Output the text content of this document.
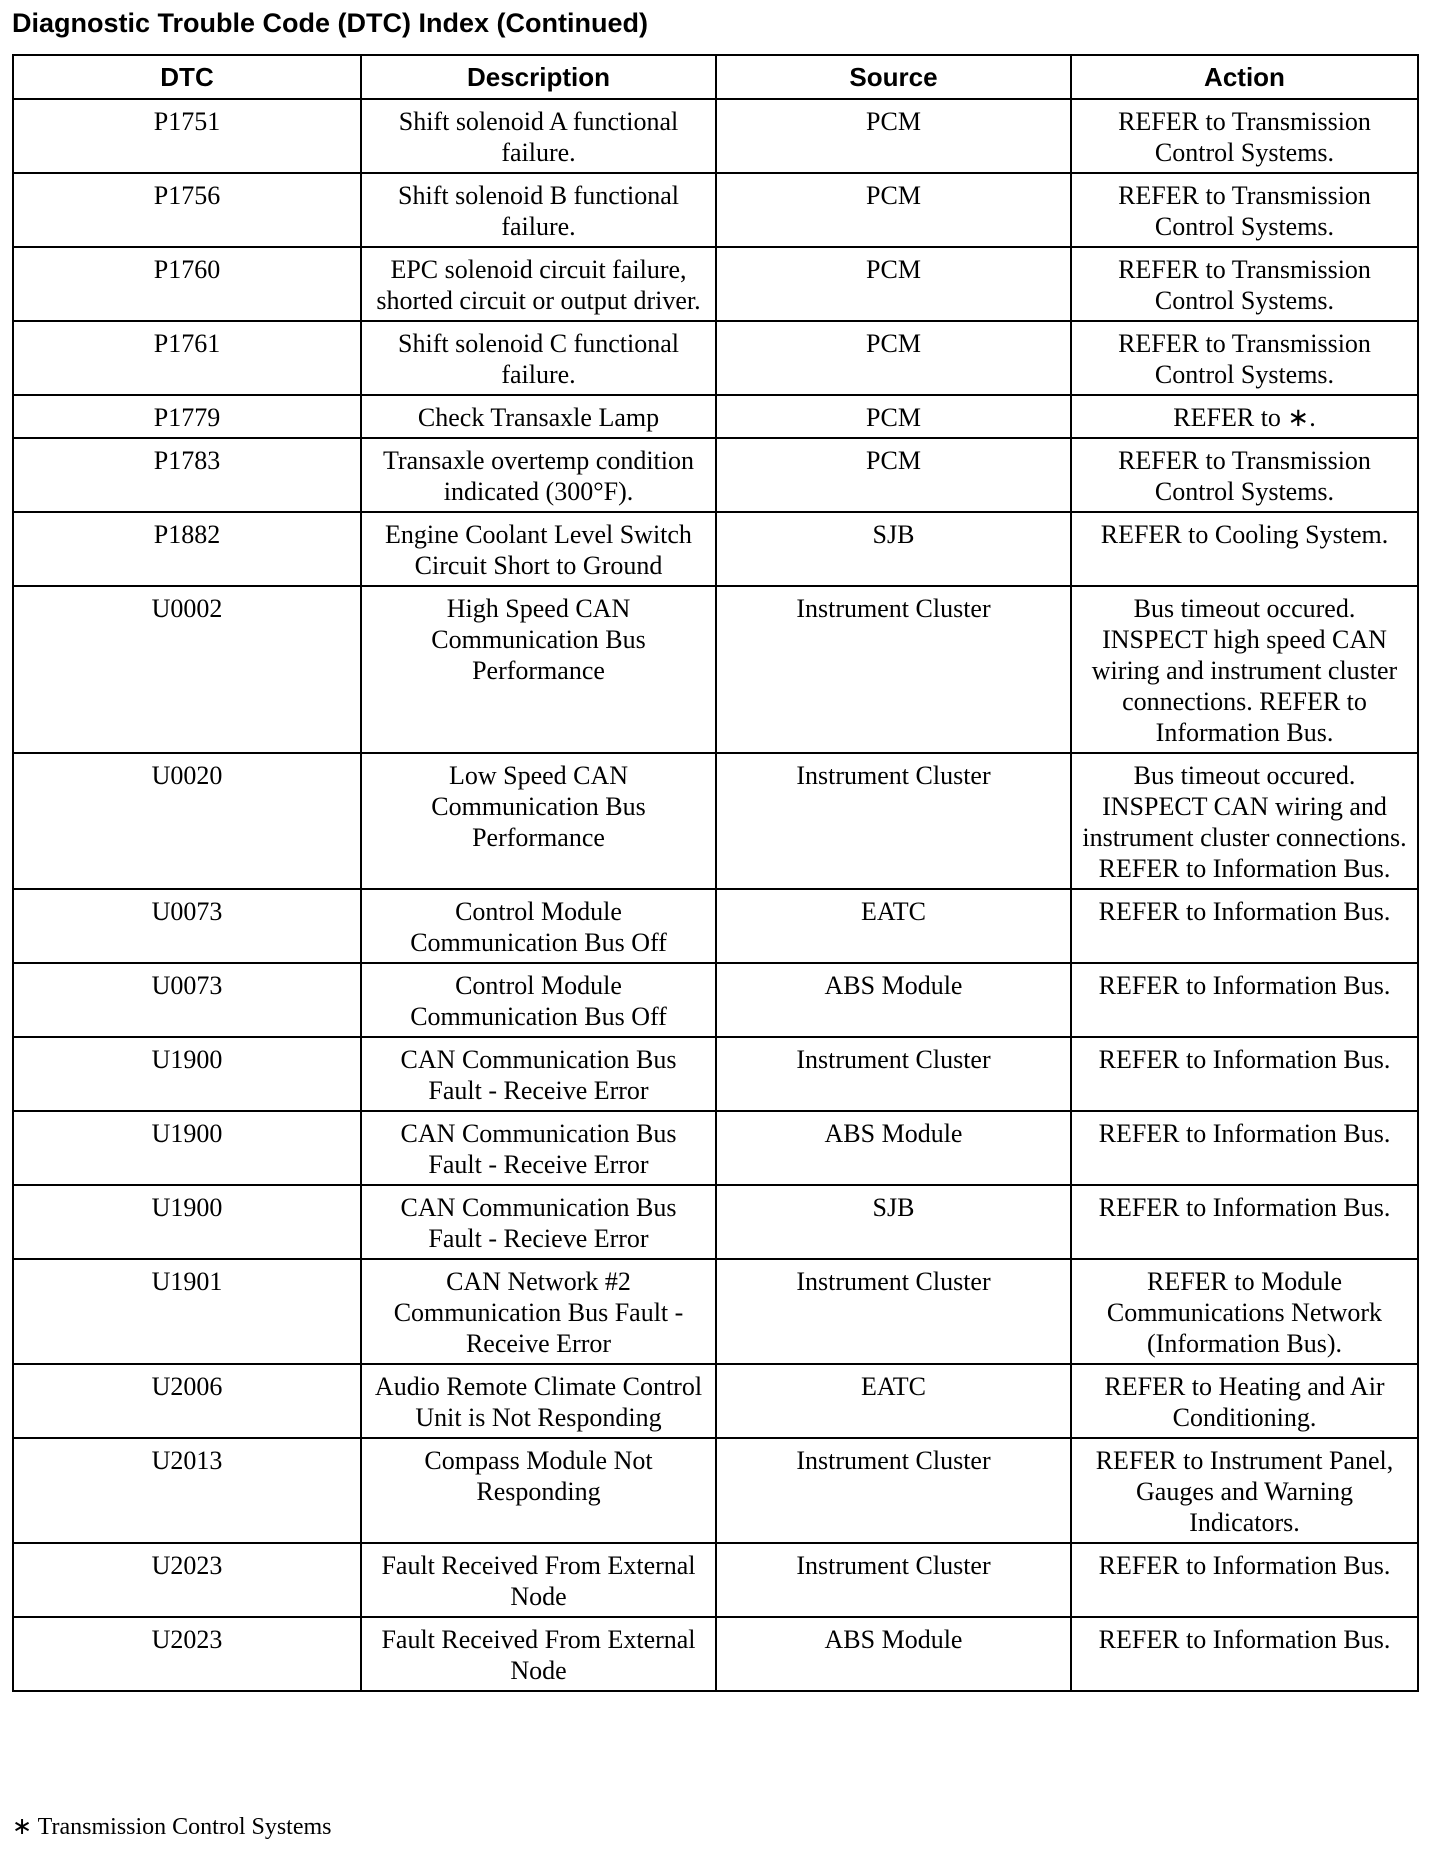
Diagnostic Trouble Code (DTC) Index (Continued)
DTC	Description	Source	Action
P1751	Shift solenoid A functional failure.	PCM	REFER to Transmission Control Systems.
P1756	Shift solenoid B functional failure.	PCM	REFER to Transmission Control Systems.
P1760	EPC solenoid circuit failure, shorted circuit or output driver.	PCM	REFER to Transmission Control Systems.
P1761	Shift solenoid C functional failure.	PCM	REFER to Transmission Control Systems.
P1779	Check Transaxle Lamp	PCM	REFER to ∗.
P1783	Transaxle overtemp condition indicated (300°F).	PCM	REFER to Transmission Control Systems.
P1882	Engine Coolant Level Switch Circuit Short to Ground	SJB	REFER to Cooling System.
U0002	High Speed CAN Communication Bus Performance	Instrument Cluster	Bus timeout occured. INSPECT high speed CAN wiring and instrument cluster connections. REFER to Information Bus.
U0020	Low Speed CAN Communication Bus Performance	Instrument Cluster	Bus timeout occured. INSPECT CAN wiring and instrument cluster connections. REFER to Information Bus.
U0073	Control Module Communication Bus Off	EATC	REFER to Information Bus.
U0073	Control Module Communication Bus Off	ABS Module	REFER to Information Bus.
U1900	CAN Communication Bus Fault - Receive Error	Instrument Cluster	REFER to Information Bus.
U1900	CAN Communication Bus Fault - Receive Error	ABS Module	REFER to Information Bus.
U1900	CAN Communication Bus Fault - Recieve Error	SJB	REFER to Information Bus.
U1901	CAN Network #2 Communication Bus Fault - Receive Error	Instrument Cluster	REFER to Module Communications Network (Information Bus).
U2006	Audio Remote Climate Control Unit is Not Responding	EATC	REFER to Heating and Air Conditioning.
U2013	Compass Module Not Responding	Instrument Cluster	REFER to Instrument Panel, Gauges and Warning Indicators.
U2023	Fault Received From External Node	Instrument Cluster	REFER to Information Bus.
U2023	Fault Received From External Node	ABS Module	REFER to Information Bus.
∗ Transmission Control Systems
